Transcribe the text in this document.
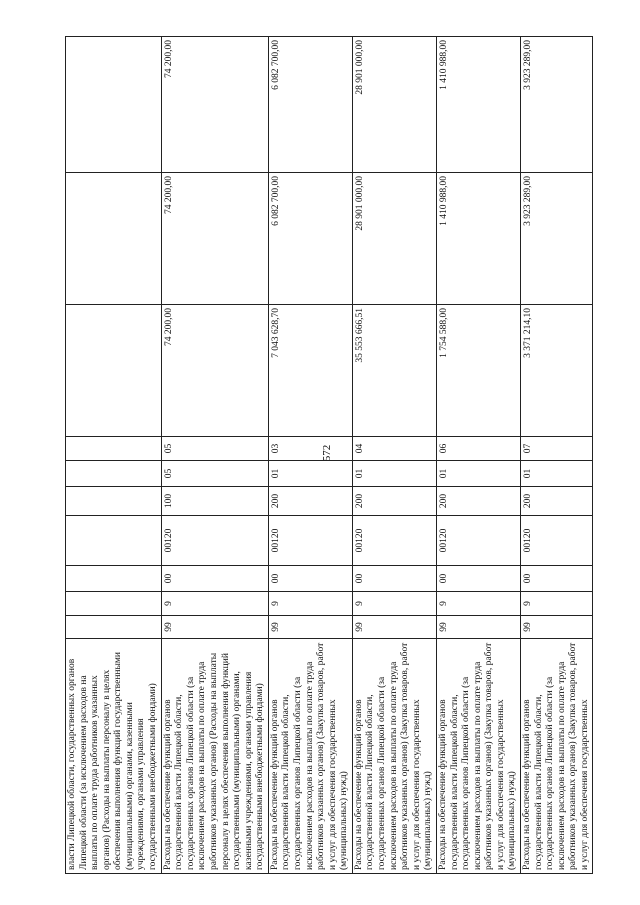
572
власти Липецкой области, государственных органов Липецкой области (за исключением расходов на выплаты по оплате труда работников указанных органов) (Расходы на выплаты персоналу в целях обеспечения выполнения функций государственными (муниципальными) органами, казенными учреждениями, органами управления государственными внебюджетными фондами)										
Расходы на обеспечение функций органов государственной власти Липецкой области, государственных органов Липецкой области (за исключением расходов на выплаты по оплате труда работников указанных органов) (Расходы на выплаты персоналу в целях обеспечения выполнения функций государственными (муниципальными) органами, казенными учреждениями, органами управления государственными внебюджетными фондами)	99	9	00	00120	100	05	05	74 200,00	74 200,00	74 200,00
Расходы на обеспечение функций органов государственной власти Липецкой области, государственных органов Липецкой области (за исключением расходов на выплаты по оплате труда работников указанных органов) (Закупка товаров, работ и услуг для обеспечения государственных (муниципальных) нужд)	99	9	00	00120	200	01	03	7 043 628,70	6 082 700,00	6 082 700,00
Расходы на обеспечение функций органов государственной власти Липецкой области, государственных органов Липецкой области (за исключением расходов на выплаты по оплате труда работников указанных органов) (Закупка товаров, работ и услуг для обеспечения государственных (муниципальных) нужд)	99	9	00	00120	200	01	04	35 553 666,51	28 901 000,00	28 901 000,00
Расходы на обеспечение функций органов государственной власти Липецкой области, государственных органов Липецкой области (за исключением расходов на выплаты по оплате труда работников указанных органов) (Закупка товаров, работ и услуг для обеспечения государственных (муниципальных) нужд)	99	9	00	00120	200	01	06	1 754 588,00	1 410 988,00	1 410 988,00
Расходы на обеспечение функций органов государственной власти Липецкой области, государственных органов Липецкой области (за исключением расходов на выплаты по оплате труда работников указанных органов) (Закупка товаров, работ и услуг для обеспечения государственных	99	9	00	00120	200	01	07	3 371 214,10	3 923 289,00	3 923 289,00
